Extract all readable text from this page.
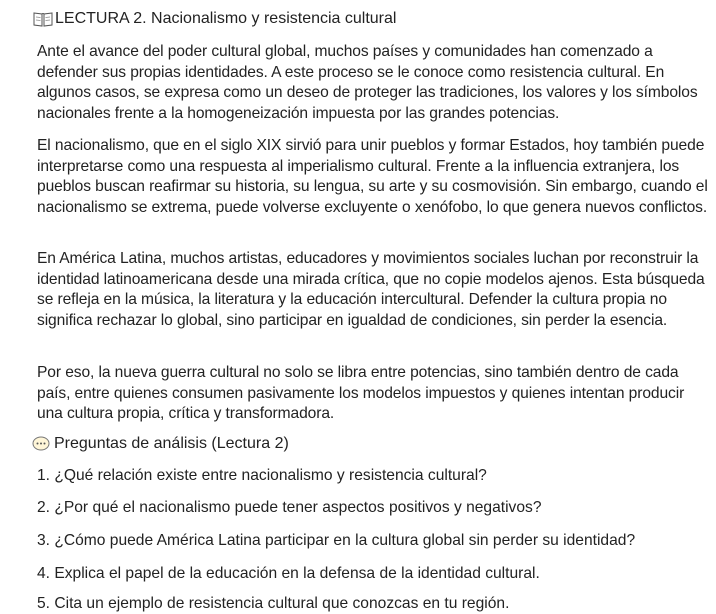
LECTURA 2. Nacionalismo y resistencia cultural

Ante el avance del poder cultural global, muchos países y comunidades han comenzado a defender sus propias identidades. A este proceso se le conoce como resistencia cultural. En algunos casos, se expresa como un deseo de proteger las tradiciones, los valores y los símbolos nacionales frente a la homogeneización impuesta por las grandes potencias.

El nacionalismo, que en el siglo XIX sirvió para unir pueblos y formar Estados, hoy también puede interpretarse como una respuesta al imperialismo cultural. Frente a la influencia extranjera, los pueblos buscan reafirmar su historia, su lengua, su arte y su cosmovisión. Sin embargo, cuando el nacionalismo se extrema, puede volverse excluyente o xenófobo, lo que genera nuevos conflictos.

En América Latina, muchos artistas, educadores y movimientos sociales luchan por reconstruir la identidad latinoamericana desde una mirada crítica, que no copie modelos ajenos. Esta búsqueda se refleja en la música, la literatura y la educación intercultural. Defender la cultura propia no significa rechazar lo global, sino participar en igualdad de condiciones, sin perder la esencia.

Por eso, la nueva guerra cultural no solo se libra entre potencias, sino también dentro de cada país, entre quienes consumen pasivamente los modelos impuestos y quienes intentan producir una cultura propia, crítica y transformadora.

Preguntas de análisis (Lectura 2)

1. ¿Qué relación existe entre nacionalismo y resistencia cultural?

2. ¿Por qué el nacionalismo puede tener aspectos positivos y negativos?

3. ¿Cómo puede América Latina participar en la cultura global sin perder su identidad?

4. Explica el papel de la educación en la defensa de la identidad cultural.

5. Cita un ejemplo de resistencia cultural que conozcas en tu región.
